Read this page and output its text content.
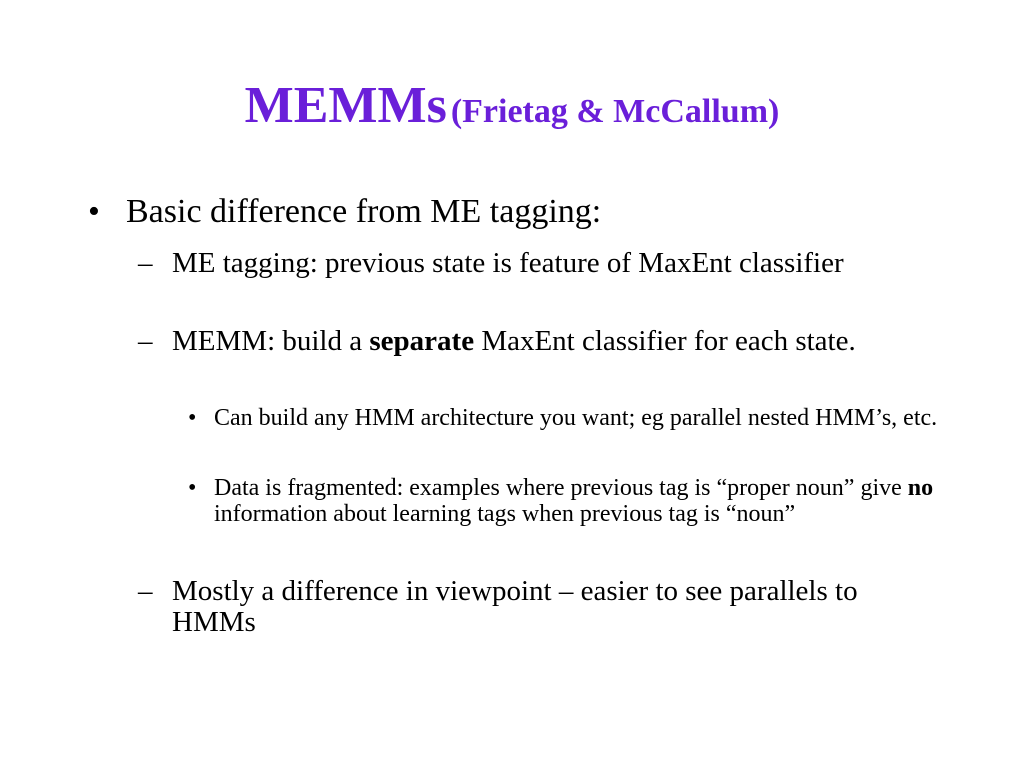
MEMMs (Frietag & McCallum)
• Basic difference from ME tagging:
– ME tagging: previous state is feature of MaxEnt classifier
– MEMM: build a separate MaxEnt classifier for each state.
• Can build any HMM architecture you want; eg parallel nested HMM’s, etc.
• Data is fragmented: examples where previous tag is “proper noun” give no information about learning tags when previous tag is “noun”
– Mostly a difference in viewpoint – easier to see parallels to HMMs
